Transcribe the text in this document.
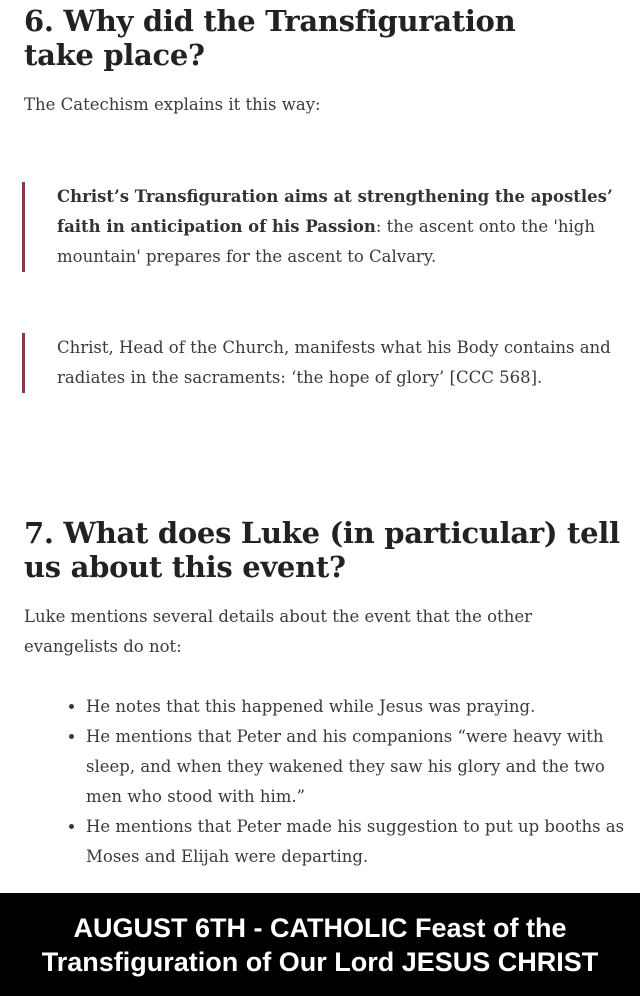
6. Why did the Transfiguration take place?

The Catechism explains it this way:

Christ’s Transfiguration aims at strengthening the apostles’ faith in anticipation of his Passion: the ascent onto the 'high mountain' prepares for the ascent to Calvary.
Christ, Head of the Church, manifests what his Body contains and radiates in the sacraments: ‘the hope of glory’ [CCC 568].
7. What does Luke (in particular) tell us about this event?

Luke mentions several details about the event that the other evangelists do not:

• He notes that this happened while Jesus was praying.
• He mentions that Peter and his companions “were heavy with sleep, and when they wakened they saw his glory and the two men who stood with him.”
• He mentions that Peter made his suggestion to put up booths as Moses and Elijah were departing.
AUGUST 6TH - CATHOLIC Feast of the
Transfiguration of Our Lord JESUS CHRIST
